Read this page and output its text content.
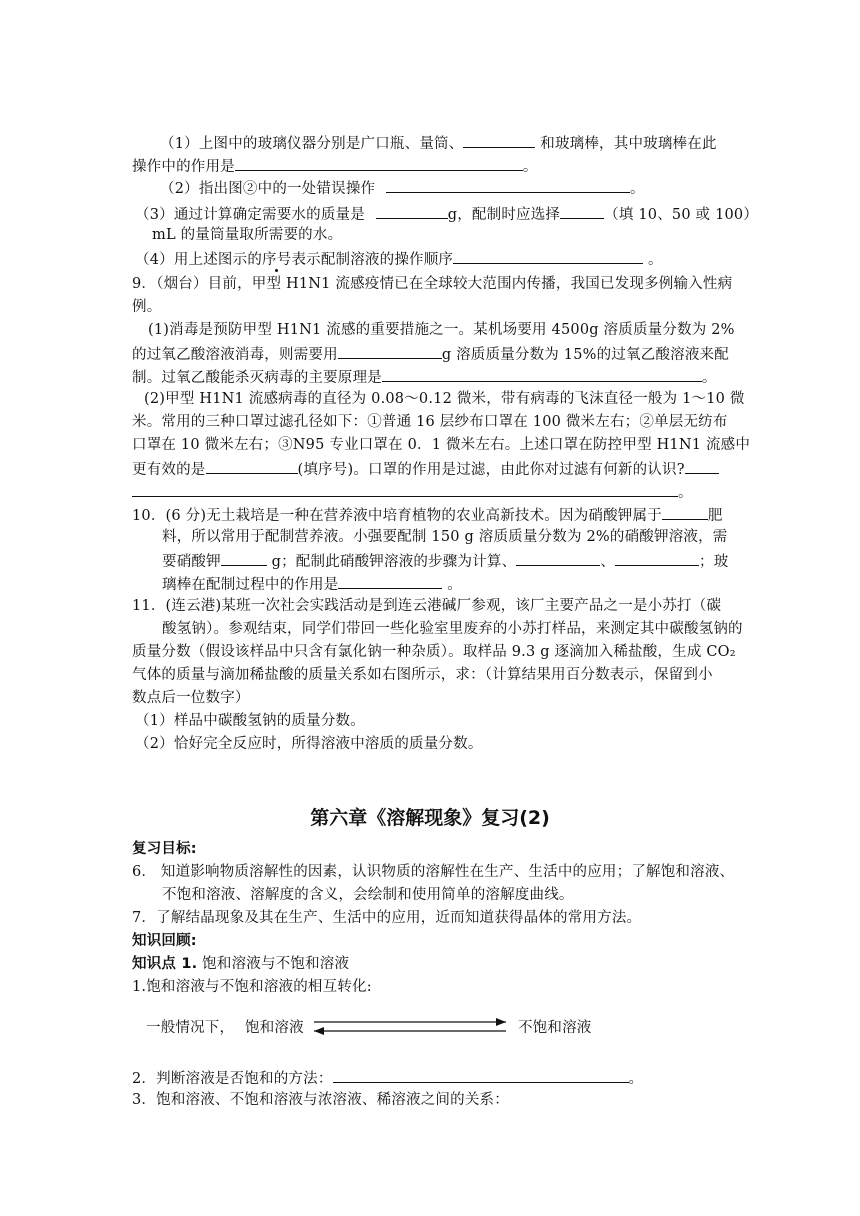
（1）上图中的玻璃仪器分别是广口瓶、量筒、	和玻璃棒，其中玻璃棒在此
操作中的作用是	。
（2）指出图②中的一处错误操作	。
（3）通过计算确定需要水的质量是	g，配制时应选择	（填 10、50 或 100）
mL 的量筒量取所需要的水。
（4）用上述图示的序号表示配制溶液的操作顺序	。
9．（烟台）目前，甲型 H1N1 流感疫情已在全球较大范围内传播，我国已发现多例输入性病
例。
(1)消毒是预防甲型 H1N1 流感的重要措施之一。某机场要用 4500g 溶质质量分数为 2%
的过氧乙酸溶液消毒，则需要用	g 溶质质量分数为 15%的过氧乙酸溶液来配
制。过氧乙酸能杀灭病毒的主要原理是	。
(2)甲型 H1N1 流感病毒的直径为 0.08～0.12 微米，带有病毒的飞沫直径一般为 1～10 微
米。常用的三种口罩过滤孔径如下：①普通 16 层纱布口罩在 100 微米左右；②单层无纺布
口罩在 10 微米左右；③N95 专业口罩在 0．1 微米左右。上述口罩在防控甲型 H1N1 流感中
更有效的是	(填序号)。口罩的作用是过滤，由此你对过滤有何新的认识?
。
10．(6 分)无土栽培是一种在营养液中培育植物的农业高新技术。因为硝酸钾属于	肥
料，所以常用于配制营养液。小强要配制 150 g 溶质质量分数为 2%的硝酸钾溶液，需
要硝酸钾	g；配制此硝酸钾溶液的步骤为计算、	、	；玻
璃棒在配制过程中的作用是	。
11．(连云港)某班一次社会实践活动是到连云港碱厂参观，该厂主要产品之一是小苏打（碳
酸氢钠）。参观结束，同学们带回一些化验室里废弃的小苏打样品，来测定其中碳酸氢钠的
质量分数（假设该样品中只含有氯化钠一种杂质）。取样品 9.3 g 逐滴加入稀盐酸，生成 CO₂
气体的质量与滴加稀盐酸的质量关系如右图所示，求：（计算结果用百分数表示，保留到小
数点后一位数字）
（1）样品中碳酸氢钠的质量分数。
（2）恰好完全反应时，所得溶液中溶质的质量分数。
第六章《溶解现象》复习(2)
复习目标:
6． 知道影响物质溶解性的因素，认识物质的溶解性在生产、生活中的应用；了解饱和溶液、
不饱和溶液、溶解度的含义，会绘制和使用简单的溶解度曲线。
7．了解结晶现象及其在生产、生活中的应用，近而知道获得晶体的常用方法。
知识回顾:
知识点 1. 饱和溶液与不饱和溶液
1.饱和溶液与不饱和溶液的相互转化:
一般情况下， 饱和溶液	不饱和溶液
2．判断溶液是否饱和的方法：	。
3．饱和溶液、不饱和溶液与浓溶液、稀溶液之间的关系：
